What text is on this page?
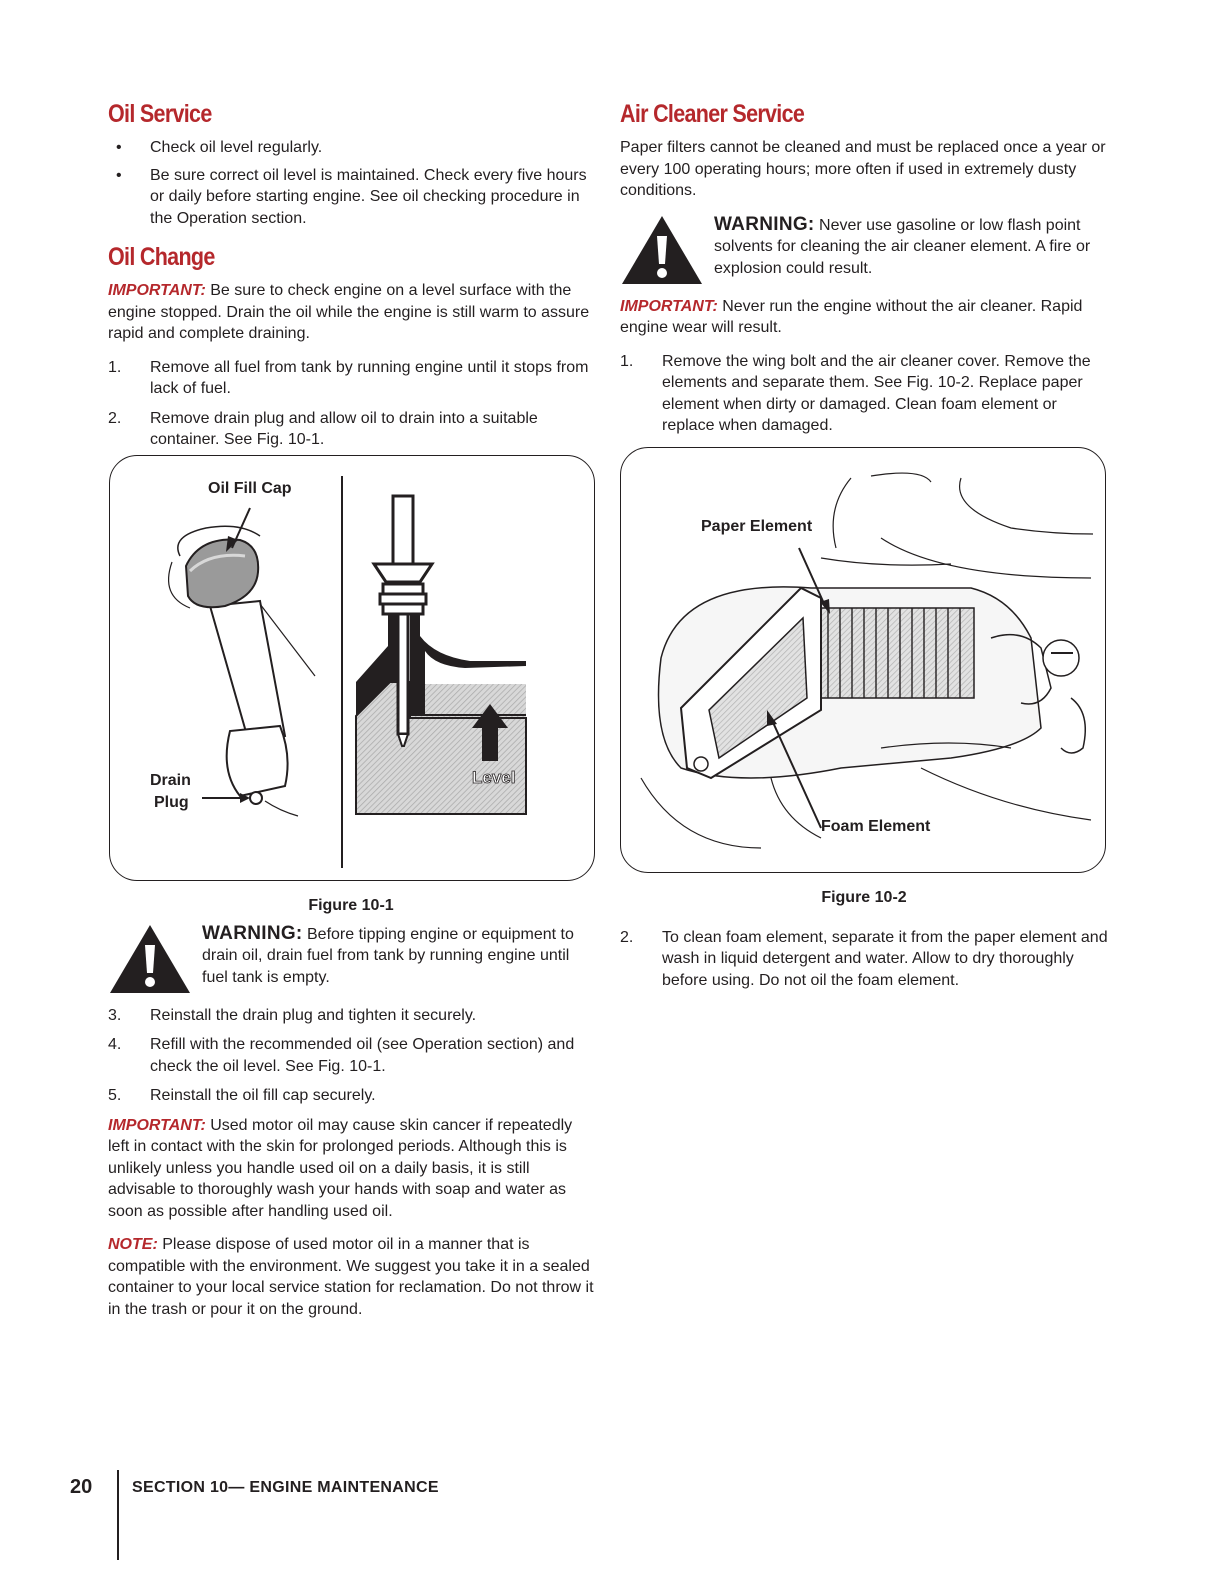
Oil Service
• Check oil level regularly.
• Be sure correct oil level is maintained. Check every five hours or daily before starting engine. See oil checking procedure in the Operation section.
Oil Change

IMPORTANT: Be sure to check engine on a level surface with the engine stopped. Drain the oil while the engine is still warm to assure rapid and complete draining.

1. Remove all fuel from tank by running engine until it stops from lack of fuel.
2. Remove drain plug and allow oil to drain into a suitable container. See Fig. 10-1.
Oil Fill Cap
Drain
Plug
Level
Figure 10-1

WARNING: Before tipping engine or equipment to drain oil, drain fuel from tank by running engine until fuel tank is empty.

3. Reinstall the drain plug and tighten it securely.
4. Refill with the recommended oil (see Operation section) and check the oil level. See Fig. 10-1.
5. Reinstall the oil fill cap securely.

IMPORTANT: Used motor oil may cause skin cancer if repeatedly left in contact with the skin for prolonged periods. Although this is unlikely unless you handle used oil on a daily basis, it is still advisable to thoroughly wash your hands with soap and water as soon as possible after handling used oil.

NOTE: Please dispose of used motor oil in a manner that is compatible with the environment. We suggest you take it in a sealed container to your local service station for reclamation. Do not throw it in the trash or pour it on the ground.

Air Cleaner Service

Paper filters cannot be cleaned and must be replaced once a year or every 100 operating hours; more often if used in extremely dusty conditions.

WARNING: Never use gasoline or low flash point solvents for cleaning the air cleaner element. A fire or explosion could result.

IMPORTANT: Never run the engine without the air cleaner. Rapid engine wear will result.

1. Remove the wing bolt and the air cleaner cover. Remove the elements and separate them. See Fig. 10-2. Replace paper element when dirty or damaged. Clean foam element or replace when damaged.
Paper Element
Foam Element
Figure 10-2
2. To clean foam element, separate it from the paper element and wash in liquid detergent and water. Allow to dry thoroughly before using. Do not oil the foam element.
20 SECTION 10— ENGINE MAINTENANCE
